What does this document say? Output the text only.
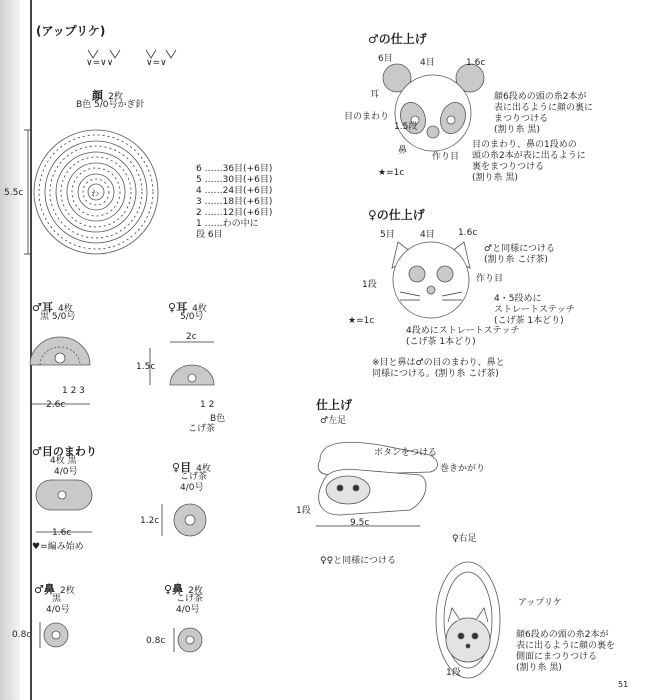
わ
(アップリケ)
∨=∨∨	∨=∨
顔 2枚
B色 5/0号かぎ針
5.5c
6 ……36目(+6目)
5 ……30目(+6目)
4 ……24目(+6目)
3 ……18目(+6目)
2 ……12目(+6目)
1 ……わの中に
段 6目
♂耳 4枚
黒 5/0号
1 2 3
2.6c
♀耳 4枚
5/0号
2c
1.5c
1 2
B色
こげ茶
♂目のまわり
4枚 黒
4/0号
1.6c
♥=編み始め
♀目 4枚
こげ茶
4/0号
1.2c
♂鼻 2枚
黒
4/0号
0.8c
♀鼻 2枚
こげ茶
4/0号
0.8c
♂の仕上げ
6目	4目	1.6c
耳
目のまわり
1.5段
鼻
作り目
★=1c
顔6段めの頭の糸2本が
表に出るように顔の裏に
まつりつける
(割り糸 黒)
目のまわり、鼻の1段めの
頭の糸2本が表に出るように
裏をまつりつける
(割り糸 黒)
♀の仕上げ
5目	4目	1.6c
1段
★=1c
作り目
♂と同様につける
(割り糸 こげ茶)
4・5段めに
ストレートステッチ
(こげ茶 1本どり)
4段めにストレートステッチ
(こげ茶 1本どり)
※目と鼻は♂の目のまわり、鼻と
同様につける。(割り糸 こげ茶)
仕上げ
♂左足
ボタンをつける
巻きかがり
1段
9.5c
♀♀と同様につける
♀右足
アップリケ
1段
顔6段めの頭の糸2本が
表に出るように顔の裏を
側面にまつりつける
(割り糸 黒)
51
